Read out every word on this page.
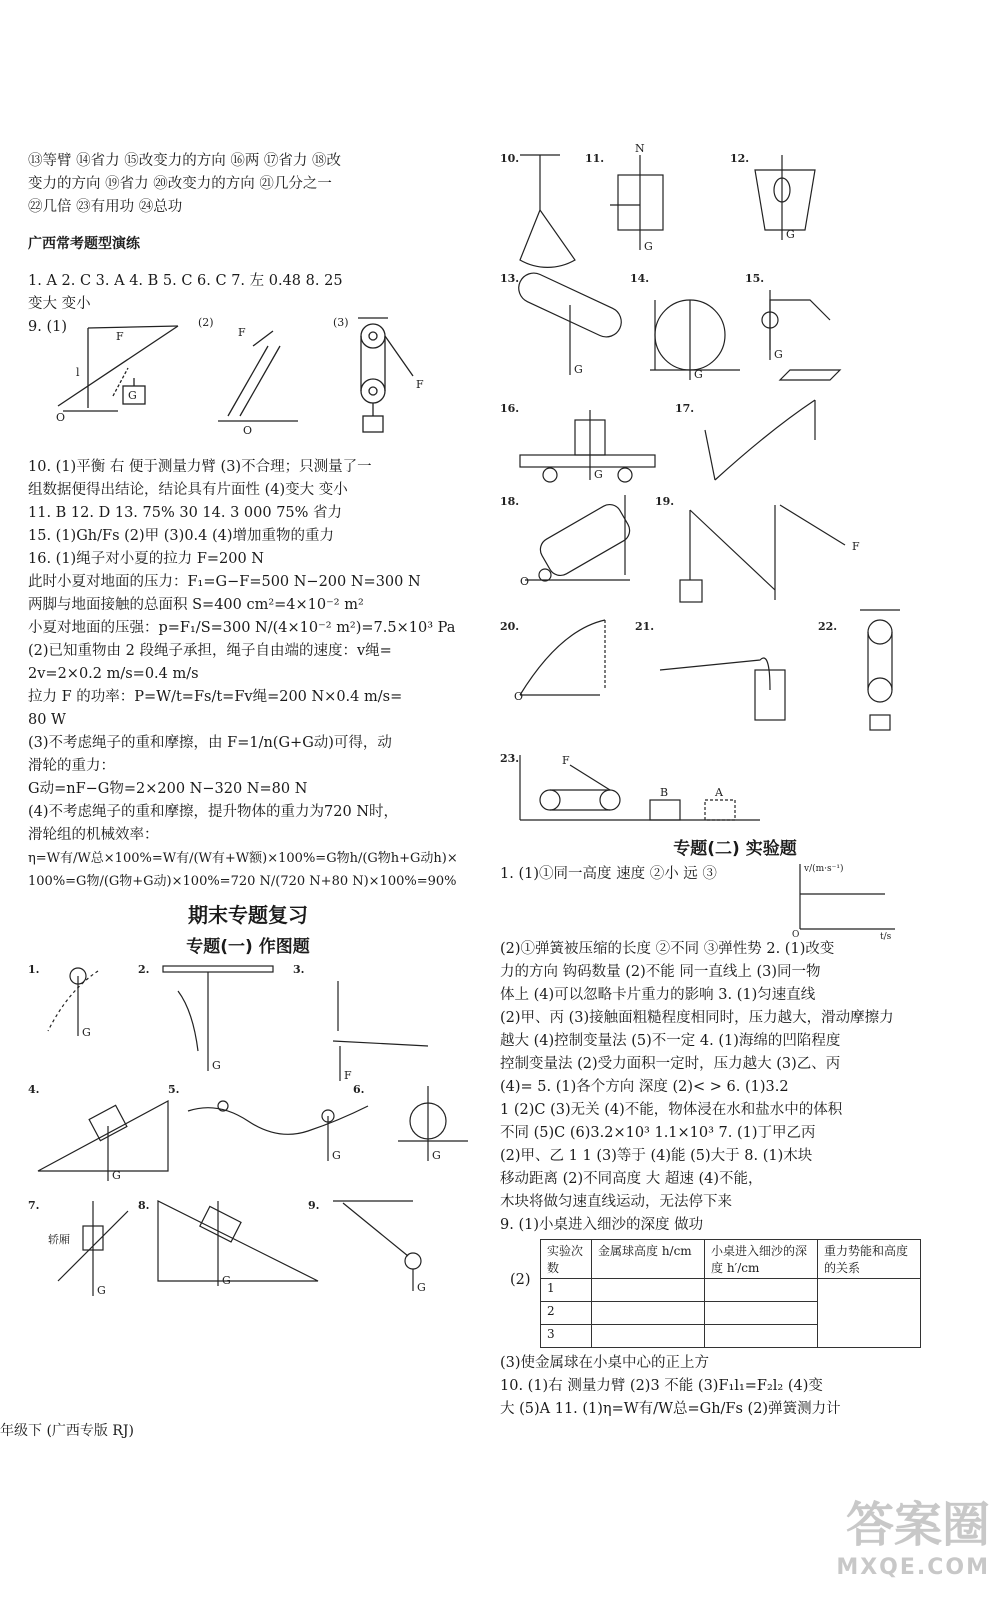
⑬等臂 ⑭省力 ⑮改变力的方向 ⑯两 ⑰省力 ⑱改

变力的方向 ⑲省力 ⑳改变力的方向 ㉑几分之一

㉒几倍 ㉓有用功 ㉔总功

广西常考题型演练

1. A 2. C 3. A 4. B 5. C 6. C 7. 左 0.48 8. 25

变大 变小

9. (1)
F
l
G
O
(2)
F
O
(3)
F

10. (1)平衡 右 便于测量力臂 (3)不合理；只测量了一

组数据便得出结论，结论具有片面性 (4)变大 变小

11. B 12. D 13. 75% 30 14. 3 000 75% 省力

15. (1)Gh/Fs (2)甲 (3)0.4 (4)增加重物的重力

16. (1)绳子对小夏的拉力 F=200 N

此时小夏对地面的压力：F₁=G−F=500 N−200 N=300 N

两脚与地面接触的总面积 S=400 cm²=4×10⁻² m²

小夏对地面的压强：p=F₁/S=300 N/(4×10⁻² m²)=7.5×10³ Pa

(2)已知重物由 2 段绳子承担，绳子自由端的速度：v绳=

2v=2×0.2 m/s=0.4 m/s

拉力 F 的功率：P=W/t=Fs/t=Fv绳=200 N×0.4 m/s=

80 W

(3)不考虑绳子的重和摩擦，由 F=1/n(G+G动)可得，动

滑轮的重力：

G动=nF−G物=2×200 N−320 N=80 N

(4)不考虑绳子的重和摩擦，提升物体的重力为720 N时，

滑轮组的机械效率：

η=W有/W总×100%=W有/(W有+W额)×100%=G物h/(G物h+G动h)×

100%=G物/(G物+G动)×100%=720 N/(720 N+80 N)×100%=90%

期末专题复习
专题(一) 作图题
1.
G
2.
G
3.
F
4.
G
5.
G
6.
G
7.
轿厢
G
8.
G
9.
G
10.	11.
N
G
12.
G
13.
G
14.
G
15.
G
16.
G
17.
18.
O
19.
F
20.
O
21.	22.
23.	F
B	A
专题(二) 实验题

1. (1)①同一高度 速度 ②小 远 ③	v/(m·s⁻¹)
t/s
O

(2)①弹簧被压缩的长度 ②不同 ③弹性势 2. (1)改变

力的方向 钩码数量 (2)不能 同一直线上 (3)同一物

体上 (4)可以忽略卡片重力的影响 3. (1)匀速直线

(2)甲、丙 (3)接触面粗糙程度相同时，压力越大，滑动摩擦力

越大 (4)控制变量法 (5)不一定 4. (1)海绵的凹陷程度

控制变量法 (2)受力面积一定时，压力越大 (3)乙、丙

(4)= 5. (1)各个方向 深度 (2)< > 6. (1)3.2

1 (2)C (3)无关 (4)不能，物体浸在水和盐水中的体积

不同 (5)C (6)3.2×10³ 1.1×10³ 7. (1)丁甲乙丙

(2)甲、乙 1 1 (3)等于 (4)能 (5)大于 8. (1)木块

移动距离 (2)不同高度 大 超速 (4)不能，

木块将做匀速直线运动，无法停下来

9. (1)小桌进入细沙的深度 做功

(2)
实验次数	金属球高度 h/cm	小桌进入细沙的深度 h′/cm	重力势能和高度的关系
1			
2			
3			

(3)使金属球在小桌中心的正上方

10. (1)右 测量力臂 (2)3 不能 (3)F₁l₁=F₂l₂ (4)变

大 (5)A 11. (1)η=W有/W总=Gh/Fs (2)弹簧测力计

年级下 (广西专版 RJ)
答案圈
MXQE.COM
